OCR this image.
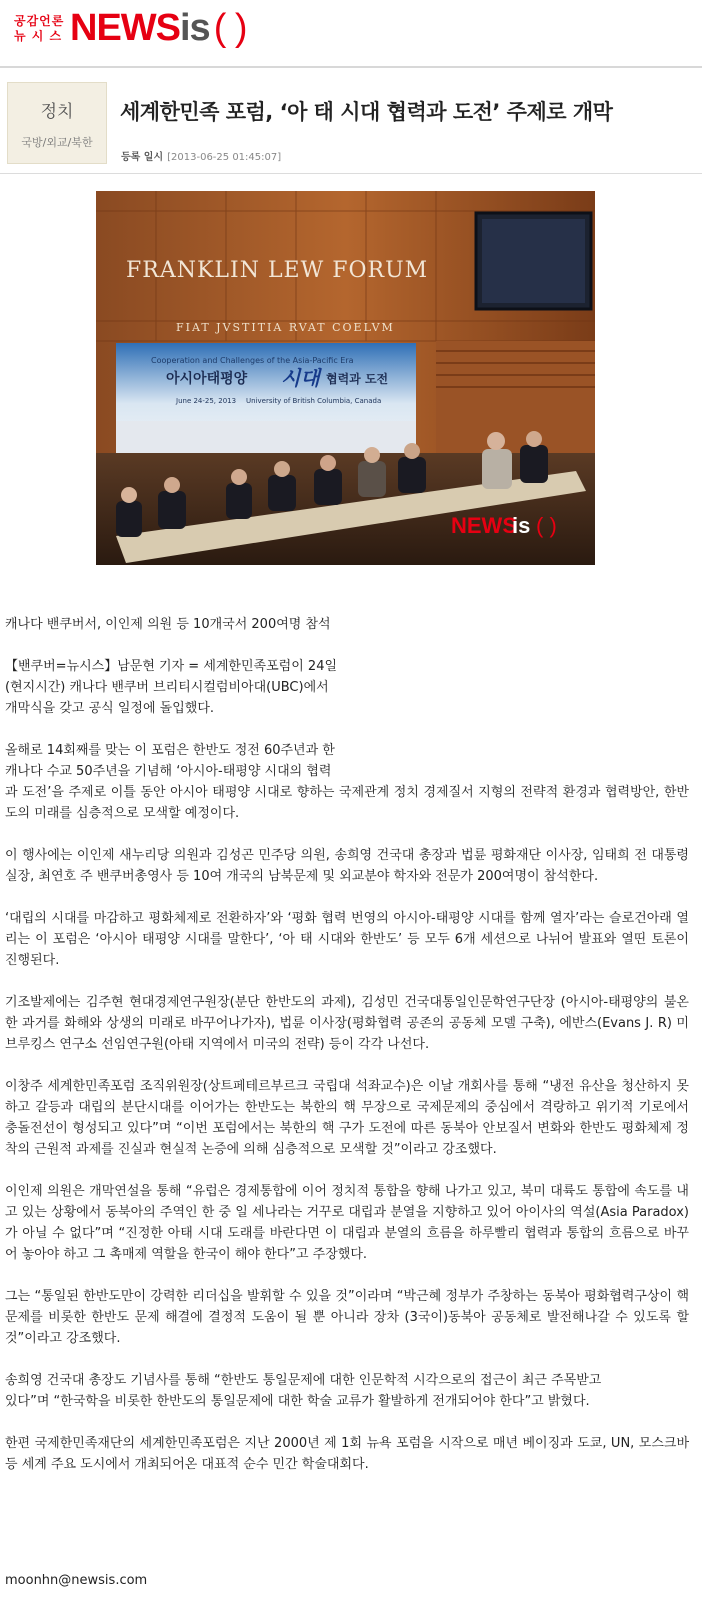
공감언론
뉴 시 스 NEWSis ( )
정치
국방/외교/북한
세계한민족 포럼, ‘아 태 시대 협력과 도전’ 주제로 개막
등록 일시 [2013-06-25 01:45:07]
FRANKLIN LEW FORUM
FIAT JVSTITIA RVAT COELVM
Cooperation and Challenges of the Asia-Pacific Era
아시아태평양 시대 협력과 도전
June 24-25, 2013 University of British Columbia, Canada
NEWS
is ( )

캐나다 밴쿠버서, 이인제 의원 등 10개국서 200여명 참석

【밴쿠버=뉴시스】남문현 기자 = 세계한민족포럼이 24일
(현지시간) 캐나다 밴쿠버 브리티시컬럼비아대(UBC)에서
개막식을 갖고 공식 일정에 돌입했다.

올해로 14회째를 맞는 이 포럼은 한반도 정전 60주년과 한
캐나다 수교 50주년을 기념해 ‘아시아-태평양 시대의 협력
과 도전’을 주제로 이틀 동안 아시아 태평양 시대로 향하는 국제관계 정치 경제질서 지형의 전략적 환경과 협력방안, 한반도의 미래를 심층적으로 모색할 예정이다.

이 행사에는 이인제 새누리당 의원과 김성곤 민주당 의원, 송희영 건국대 총장과 법륜 평화재단 이사장, 임태희 전 대통령실장, 최연호 주 밴쿠버총영사 등 10여 개국의 남북문제 및 외교분야 학자와 전문가 200여명이 참석한다.

‘대립의 시대를 마감하고 평화체제로 전환하자’와 ‘평화 협력 번영의 아시아-태평양 시대를 함께 열자’라는 슬로건아래 열리는 이 포럼은 ‘아시아 태평양 시대를 말한다’, ‘아 태 시대와 한반도’ 등 모두 6개 세션으로 나뉘어 발표와 열띤 토론이 진행된다.

기조발제에는 김주현 현대경제연구원장(분단 한반도의 과제), 김성민 건국대통일인문학연구단장 (아시아-태평양의 불온한 과거를 화해와 상생의 미래로 바꾸어나가자), 법륜 이사장(평화협력 공존의 공동체 모델 구축), 에반스(Evans J. R) 미 브루킹스 연구소 선임연구원(아태 지역에서 미국의 전략) 등이 각각 나선다.

이창주 세계한민족포럼 조직위원장(상트페테르부르크 국립대 석좌교수)은 이날 개회사를 통해 “냉전 유산을 청산하지 못하고 갈등과 대립의 분단시대를 이어가는 한반도는 북한의 핵 무장으로 국제문제의 중심에서 격랑하고 위기적 기로에서 충돌전선이 형성되고 있다”며 “이번 포럼에서는 북한의 핵 구가 도전에 따른 동북아 안보질서 변화와 한반도 평화체제 정착의 근원적 과제를 진실과 현실적 논증에 의해 심층적으로 모색할 것”이라고 강조했다.

이인제 의원은 개막연설을 통해 “유럽은 경제통합에 이어 정치적 통합을 향해 나가고 있고, 북미 대륙도 통합에 속도를 내고 있는 상황에서 동북아의 주역인 한 중 일 세나라는 거꾸로 대립과 분열을 지향하고 있어 아이사의 역설(Asia Paradox)가 아닐 수 없다”며 “진정한 아태 시대 도래를 바란다면 이 대립과 분열의 흐름을 하루빨리 협력과 통합의 흐름으로 바꾸어 놓아야 하고 그 촉매제 역할을 한국이 해야 한다”고 주장했다.

그는 “통일된 한반도만이 강력한 리더십을 발휘할 수 있을 것”이라며 “박근혜 정부가 주창하는 동북아 평화협력구상이 핵 문제를 비롯한 한반도 문제 해결에 결정적 도움이 될 뿐 아니라 장차 (3국이)동북아 공동체로 발전해나갈 수 있도록 할 것”이라고 강조했다.

송희영 건국대 총장도 기념사를 통해 “한반도 통일문제에 대한 인문학적 시각으로의 접근이 최근 주목받고
있다”며 “한국학을 비롯한 한반도의 통일문제에 대한 학술 교류가 활발하게 전개되어야 한다”고 밝혔다.

한편 국제한민족재단의 세계한민족포럼은 지난 2000년 제 1회 뉴욕 포럼을 시작으로 매년 베이징과 도쿄, UN, 모스크바 등 세계 주요 도시에서 개최되어온 대표적 순수 민간 학술대회다.

moonhn@newsis.com
